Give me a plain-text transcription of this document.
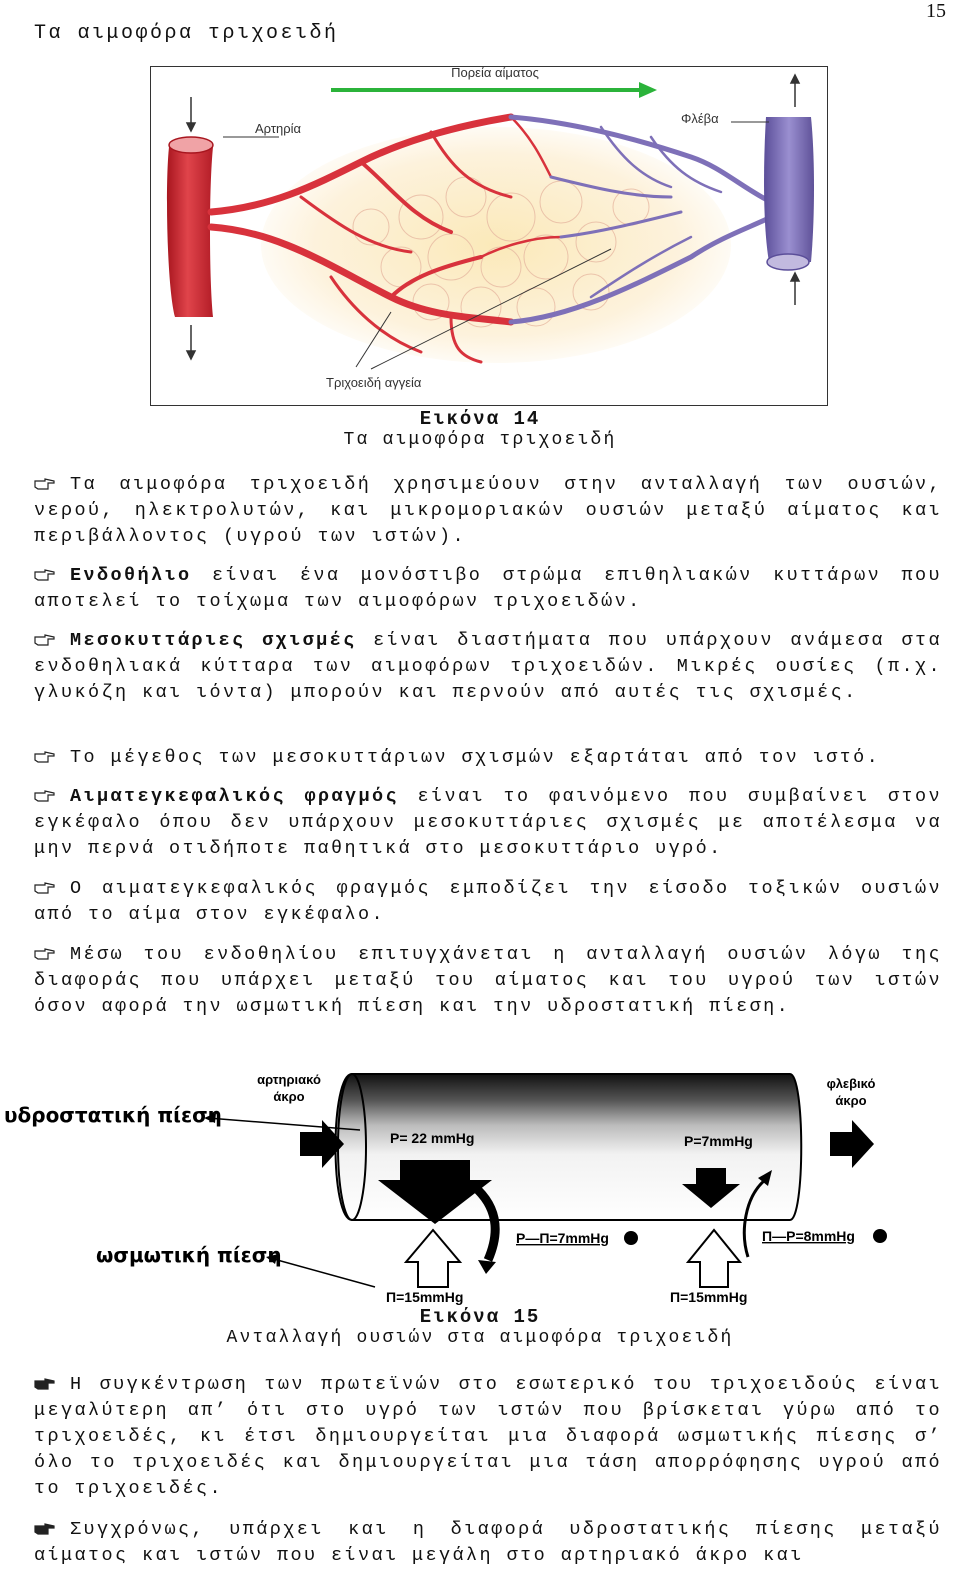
15
Τα αιμοφόρα τριχοειδή
Πορεία αίματος
Αρτηρία
Φλέβα
Τριχοειδή αγγεία
Εικόνα 14
Τα αιμοφόρα τριχοειδή
Τα αιμοφόρα τριχοειδή χρησιμεύουν στην ανταλλαγή των ουσιών, νερού, ηλεκτρολυτών, και μικρομοριακών ουσιών μεταξύ αίματος και περιβάλλοντος (υγρού των ιστών).
Ενδοθήλιο είναι ένα μονόστιβο στρώμα επιθηλιακών κυττάρων που αποτελεί το τοίχωμα των αιμοφόρων τριχοειδών.
Μεσοκυττάριες σχισμές είναι διαστήματα που υπάρχουν ανάμεσα στα ενδοθηλιακά κύτταρα των αιμοφόρων τριχοειδών. Μικρές ουσίες (π.χ. γλυκόζη και ιόντα) μπορούν και περνούν από αυτές τις σχισμές.
Το μέγεθος των μεσοκυττάριων σχισμών εξαρτάται από τον ιστό.
Αιματεγκεφαλικός φραγμός είναι το φαινόμενο που συμβαίνει στον εγκέφαλο όπου δεν υπάρχουν μεσοκυττάριες σχισμές με αποτέλεσμα να μην περνά οτιδήποτε παθητικά στο μεσοκυττάριο υγρό.
Ο αιματεγκεφαλικός φραγμός εμποδίζει την είσοδο τοξικών ουσιών από το αίμα στον εγκέφαλο.
Μέσω του ενδοθηλίου επιτυγχάνεται η ανταλλαγή ουσιών λόγω της διαφοράς που υπάρχει μεταξύ του αίματος και του υγρού των ιστών όσον αφορά την ωσμωτική πίεση και την υδροστατική πίεση.
υδροστατική πίεση
ωσμωτική πίεση
αρτηριακό
άκρο
φλεβικό
άκρο
P= 22 mmHg	P=7mmHg
P—Π=7mmHg	Π—P=8mmHg
Π=15mmHg	Π=15mmHg
Εικόνα 15
Ανταλλαγή ουσιών στα αιμοφόρα τριχοειδή
Η συγκέντρωση των πρωτεϊνών στο εσωτερικό του τριχοειδούς είναι μεγαλύτερη απ’ ότι στο υγρό των ιστών που βρίσκεται γύρω από το τριχοειδές, κι έτσι δημιουργείται μια διαφορά ωσμωτικής πίεσης σ’ όλο το τριχοειδές και δημιουργείται μια τάση απορρόφησης υγρού από το τριχοειδές.
Συγχρόνως, υπάρχει και η διαφορά υδροστατικής πίεσης μεταξύ αίματος και ιστών που είναι μεγάλη στο αρτηριακό άκρο και
